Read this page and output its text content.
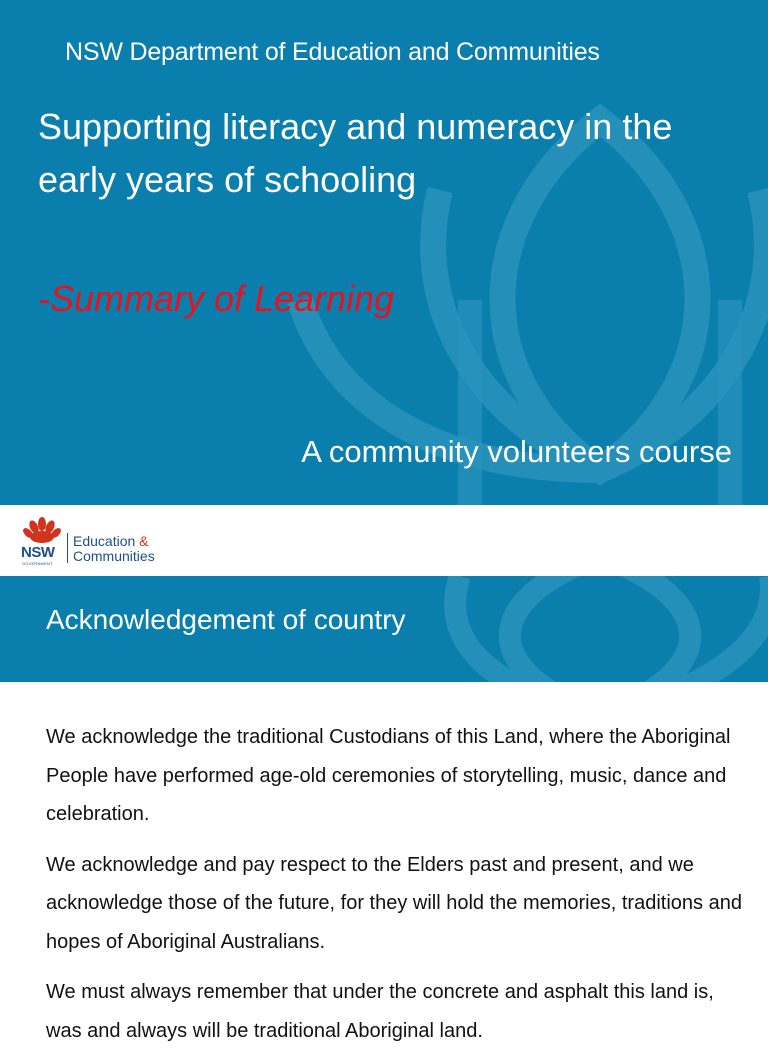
NSW Department of Education and Communities
Supporting literacy and numeracy in the early years of schooling

-Summary of Learning

A community volunteers course

NSW
GOVERNMENT
Education &
Communities
Acknowledgement of country

We acknowledge the traditional Custodians of this Land, where the Aboriginal People have performed age-old ceremonies of storytelling, music, dance and celebration.

We acknowledge and pay respect to the Elders past and present, and we acknowledge those of the future, for they will hold the memories, traditions and hopes of Aboriginal Australians.

We must always remember that under the concrete and asphalt this land is, was and always will be traditional Aboriginal land.
